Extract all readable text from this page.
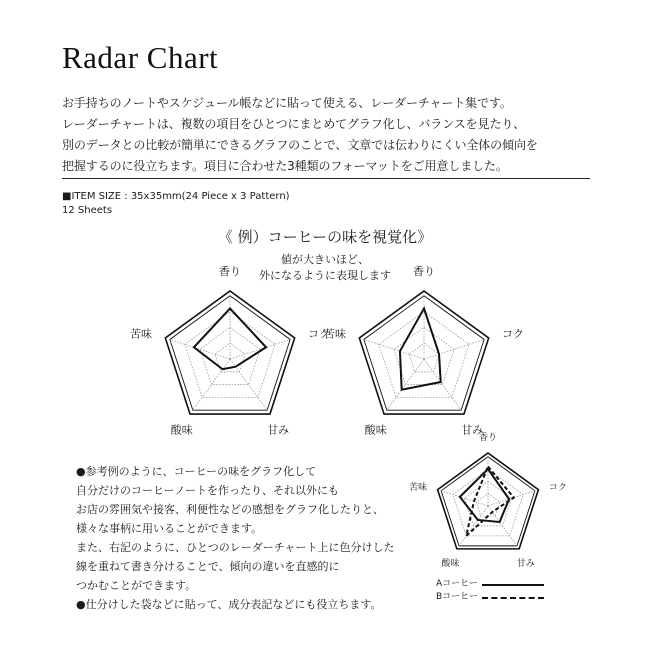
Radar Chart
お手持ちのノートやスケジュール帳などに貼って使える、レーダーチャート集です。
レーダーチャートは、複数の項目をひとつにまとめてグラフ化し、バランスを見たり、
別のデータとの比較が簡単にできるグラフのことで、文章では伝わりにくい全体の傾向を
把握するのに役立ちます。項目に合わせた3種類のフォーマットをご用意しました。
■ITEM SIZE : 35x35mm(24 Piece x 3 Pattern)
12 Sheets
《 例）コーヒーの味を視覚化》
値が大きいほど、
外になるように表現します
香り
コク
甘み
酸味
苦味
香り
コク
甘み
酸味
苦味
香り
コク
甘み
酸味
苦味
●参考例のように、コーヒーの味をグラフ化して
自分だけのコーヒーノートを作ったり、それ以外にも
お店の雰囲気や接客、利便性などの感想をグラフ化したりと、
様々な事柄に用いることができます。
また、右記のように、ひとつのレーダーチャート上に色分けした
線を重ねて書き分けることで、傾向の違いを直感的に
つかむことができます。
●仕分けした袋などに貼って、成分表記などにも役立ちます。
Aコーヒー
Bコーヒー
